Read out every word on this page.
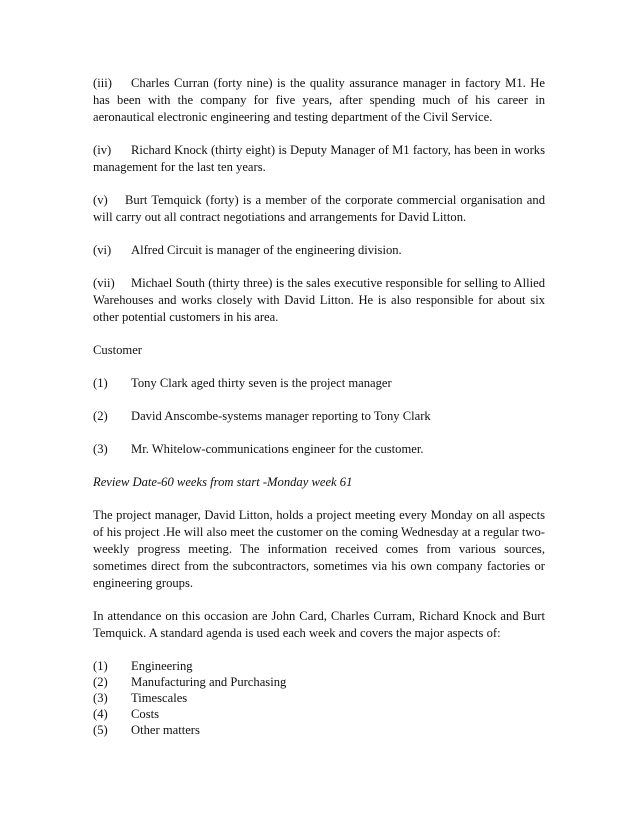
(iii) Charles Curran (forty nine) is the quality assurance manager in factory M1. He has been with the company for five years, after spending much of his career in aeronautical electronic engineering and testing department of the Civil Service.

(iv) Richard Knock (thirty eight) is Deputy Manager of M1 factory, has been in works management for the last ten years.

(v) Burt Temquick (forty) is a member of the corporate commercial organisation and will carry out all contract negotiations and arrangements for David Litton.

(vi) Alfred Circuit is manager of the engineering division.

(vii) Michael South (thirty three) is the sales executive responsible for selling to Allied Warehouses and works closely with David Litton. He is also responsible for about six other potential customers in his area.

Customer

(1)	Tony Clark aged thirty seven is the project manager
(2)	David Anscombe-systems manager reporting to Tony Clark
(3)	Mr. Whitelow-communications engineer for the customer.

Review Date-60 weeks from start -Monday week 61

The project manager, David Litton, holds a project meeting every Monday on all aspects of his project .He will also meet the customer on the coming Wednesday at a regular two-weekly progress meeting. The information received comes from various sources, sometimes direct from the subcontractors, sometimes via his own company factories or engineering groups.

In attendance on this occasion are John Card, Charles Curram, Richard Knock and Burt Temquick. A standard agenda is used each week and covers the major aspects of:

(1)	Engineering
(2)	Manufacturing and Purchasing
(3)	Timescales
(4)	Costs
(5)	Other matters
